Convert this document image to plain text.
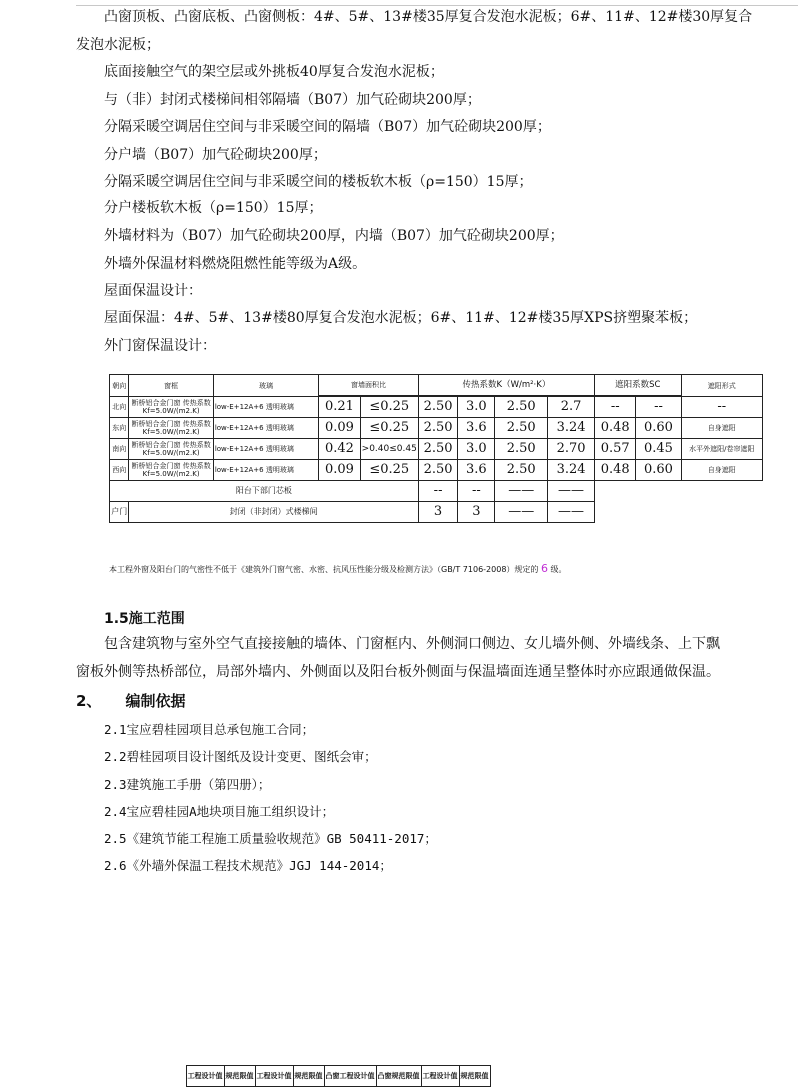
凸窗顶板、凸窗底板、凸窗侧板：4#、5#、13#楼35厚复合发泡水泥板；6#、11#、12#楼30厚复合
发泡水泥板；
底面接触空气的架空层或外挑板40厚复合发泡水泥板；
与（非）封闭式楼梯间相邻隔墙（B07）加气砼砌块200厚；
分隔采暖空调居住空间与非采暖空间的隔墙（B07）加气砼砌块200厚；
分户墙（B07）加气砼砌块200厚；
分隔采暖空调居住空间与非采暖空间的楼板软木板（ρ=150）15厚；
分户楼板软木板（ρ=150）15厚；
外墙材料为（B07）加气砼砌块200厚，内墙（B07）加气砼砌块200厚；
外墙外保温材料燃烧阻燃性能等级为A级。
屋面保温设计：
屋面保温：4#、5#、13#楼80厚复合发泡水泥板；6#、11#、12#楼35厚XPS挤塑聚苯板；
外门窗保温设计：
朝向	窗框	玻璃	窗墙面积比	传热系数K（W/m²·K）	遮阳系数SC	遮阳形式

工程设计值	规范限值	工程设计值	规范限值	凸窗工程设计值	凸窗规范限值	工程设计值	规范限值
北向	断桥铝合金门窗 传热系数 Kf=5.0W/(m2.K)	low-E+12A+6 透明玻璃	0.21	≤0.25	2.50	3.0	2.50	2.7	--	--	--
东向	断桥铝合金门窗 传热系数 Kf=5.0W/(m2.K)	low-E+12A+6 透明玻璃	0.09	≤0.25	2.50	3.6	2.50	3.24	0.48	0.60	自身遮阳
南向	断桥铝合金门窗 传热系数 Kf=5.0W/(m2.K)	low-E+12A+6 透明玻璃	0.42	>0.40≤0.45	2.50	3.0	2.50	2.70	0.57	0.45	水平外遮阳/卷帘遮阳
西向	断桥铝合金门窗 传热系数 Kf=5.0W/(m2.K)	low-E+12A+6 透明玻璃	0.09	≤0.25	2.50	3.6	2.50	3.24	0.48	0.60	自身遮阳
阳台下部门芯板	--	--	——	——	
户门	封闭（非封闭）式楼梯间	3	3	——	——
本工程外窗及阳台门的气密性不低于《建筑外门窗气密、水密、抗风压性能分级及检测方法》（GB/T 7106-2008）规定的 6 级。
1.5施工范围
包含建筑物与室外空气直接接触的墙体、门窗框内、外侧洞口侧边、女儿墙外侧、外墙线条、上下飘
窗板外侧等热桥部位，局部外墙内、外侧面以及阳台板外侧面与保温墙面连通呈整体时亦应跟通做保温。
2、 编制依据
2.1宝应碧桂园项目总承包施工合同；
2.2碧桂园项目设计图纸及设计变更、图纸会审；
2.3建筑施工手册（第四册）；
2.4宝应碧桂园A地块项目施工组织设计；
2.5《建筑节能工程施工质量验收规范》GB 50411-2017；
2.6《外墙外保温工程技术规范》JGJ 144-2014；
